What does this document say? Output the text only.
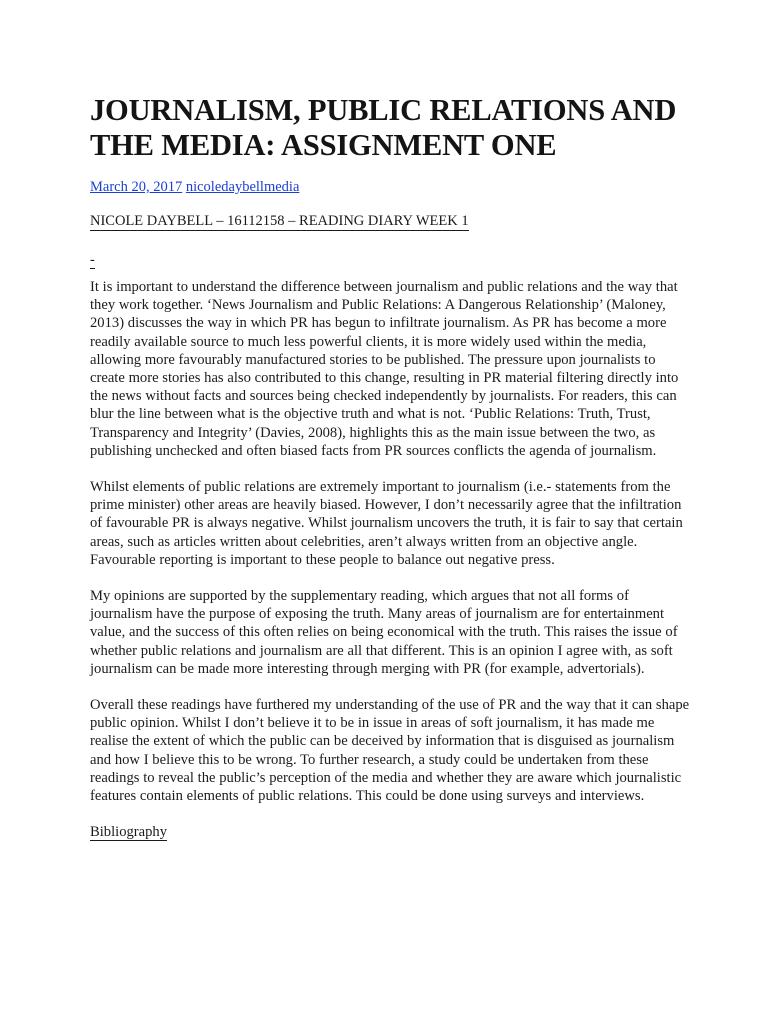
JOURNALISM, PUBLIC RELATIONS AND THE MEDIA: ASSIGNMENT ONE
March 20, 2017 nicoledaybellmedia
NICOLE DAYBELL – 16112158 – READING DIARY WEEK 1
-

It is important to understand the difference between journalism and public relations and the way that they work together. ‘News Journalism and Public Relations: A Dangerous Relationship’ (Maloney, 2013) discusses the way in which PR has begun to infiltrate journalism. As PR has become a more readily available source to much less powerful clients, it is more widely used within the media, allowing more favourably manufactured stories to be published. The pressure upon journalists to create more stories has also contributed to this change, resulting in PR material filtering directly into the news without facts and sources being checked independently by journalists. For readers, this can blur the line between what is the objective truth and what is not. ‘Public Relations: Truth, Trust, Transparency and Integrity’ (Davies, 2008), highlights this as the main issue between the two, as publishing unchecked and often biased facts from PR sources conflicts the agenda of journalism.

Whilst elements of public relations are extremely important to journalism (i.e.- statements from the prime minister) other areas are heavily biased. However, I don’t necessarily agree that the infiltration of favourable PR is always negative. Whilst journalism uncovers the truth, it is fair to say that certain areas, such as articles written about celebrities, aren’t always written from an objective angle. Favourable reporting is important to these people to balance out negative press.

My opinions are supported by the supplementary reading, which argues that not all forms of journalism have the purpose of exposing the truth. Many areas of journalism are for entertainment value, and the success of this often relies on being economical with the truth. This raises the issue of whether public relations and journalism are all that different. This is an opinion I agree with, as soft journalism can be made more interesting through merging with PR (for example, advertorials).

Overall these readings have furthered my understanding of the use of PR and the way that it can shape public opinion. Whilst I don’t believe it to be in issue in areas of soft journalism, it has made me realise the extent of which the public can be deceived by information that is disguised as journalism and how I believe this to be wrong. To further research, a study could be undertaken from these readings to reveal the public’s perception of the media and whether they are aware which journalistic features contain elements of public relations. This could be done using surveys and interviews.

Bibliography
